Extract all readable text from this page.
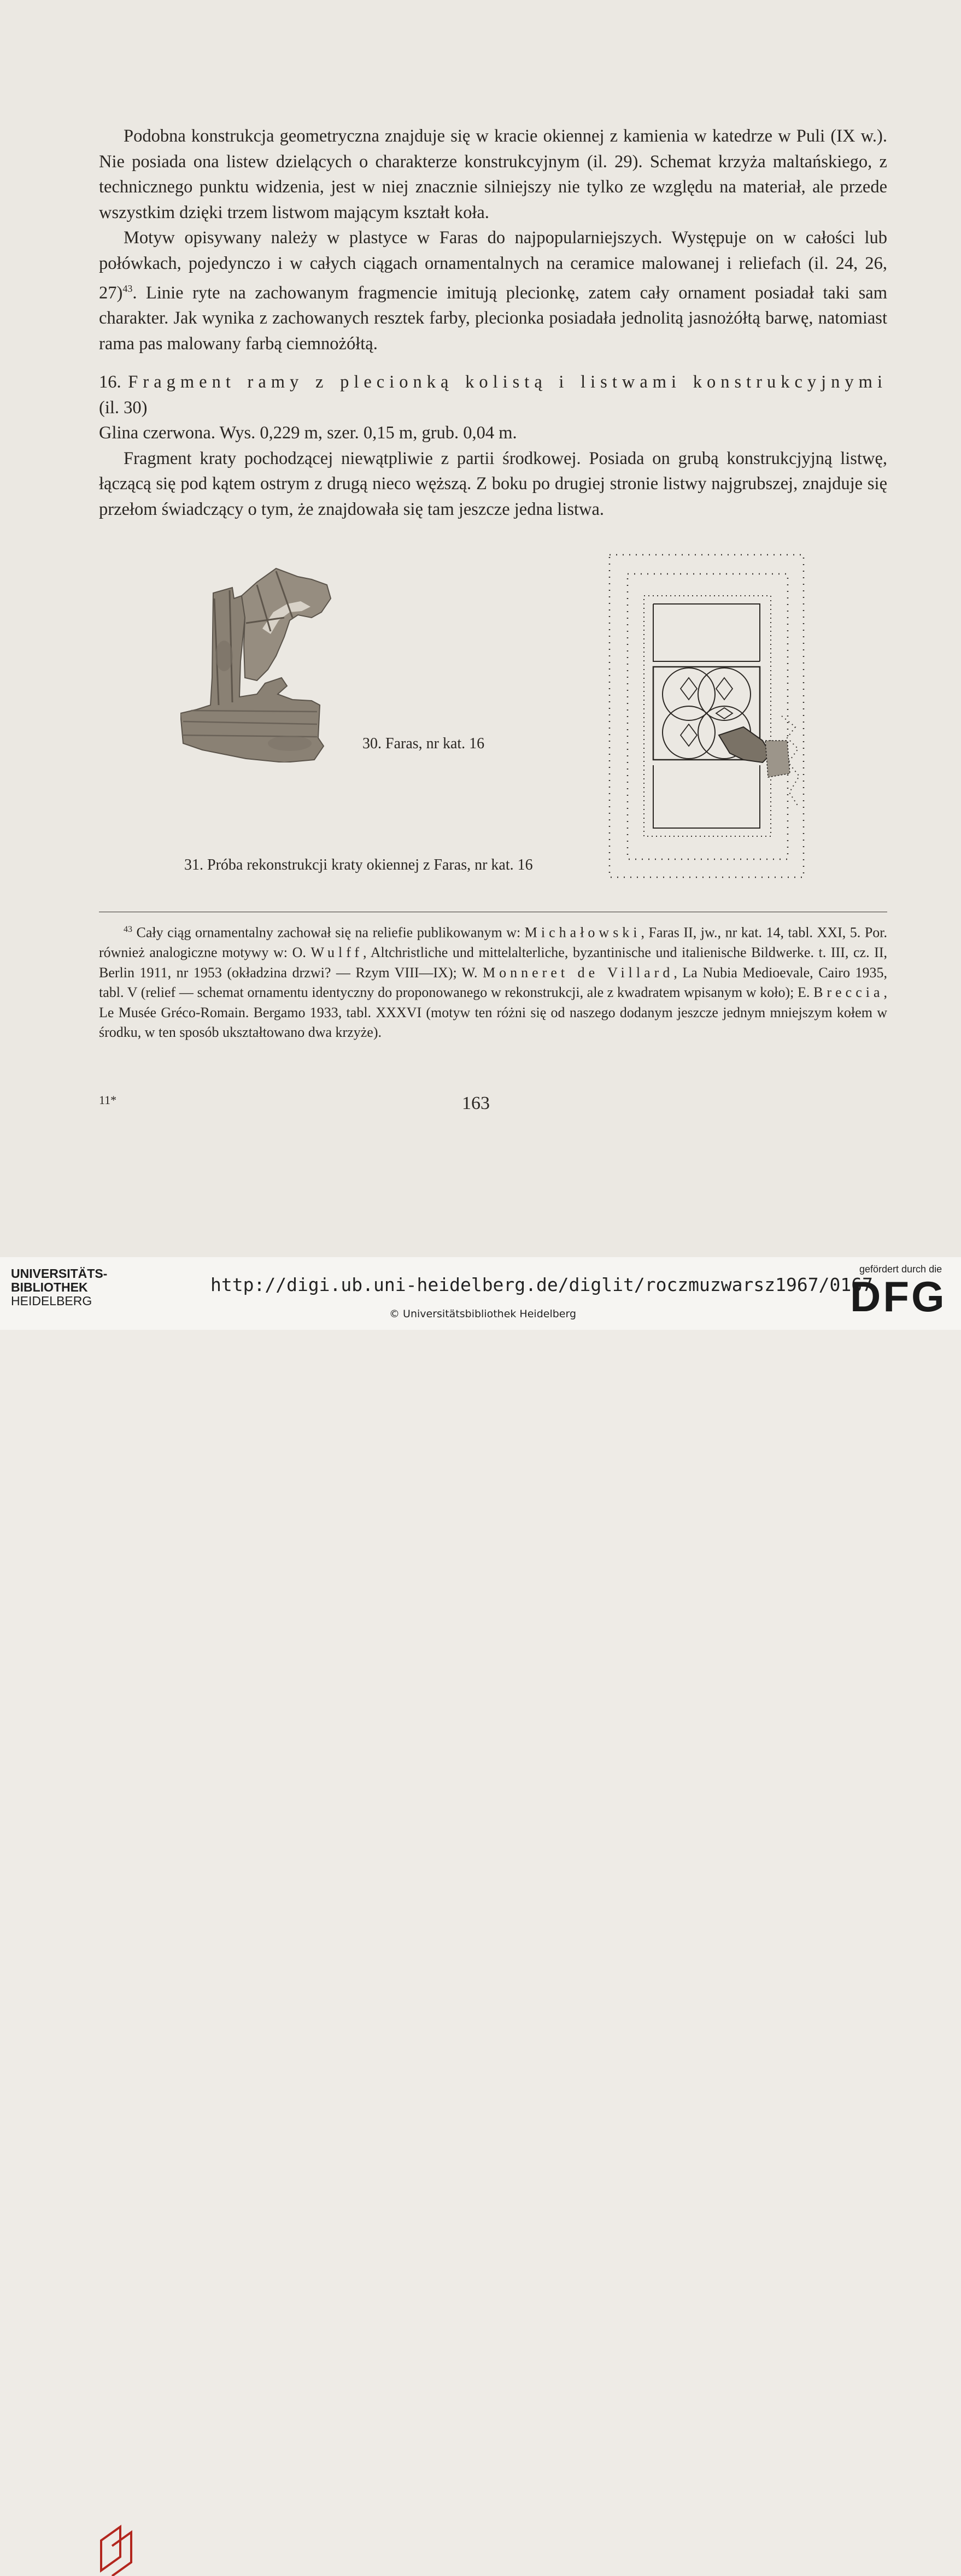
Podobna konstrukcja geometryczna znajduje się w kracie okiennej z kamienia w katedrze w Puli (IX w.). Nie posiada ona listew dzielących o charakterze konstrukcyjnym (il. 29). Schemat krzyża maltańskiego, z technicznego punktu widzenia, jest w niej znacznie silniejszy nie tylko ze względu na materiał, ale przede wszystkim dzięki trzem listwom mającym kształt koła.

Motyw opisywany należy w plastyce w Faras do najpopularniejszych. Występuje on w całości lub połówkach, pojedynczo i w całych ciągach ornamentalnych na ceramice malowanej i reliefach (il. 24, 26, 27)$^{43}$. Linie ryte na zachowanym fragmencie imitują plecionkę, zatem cały ornament posiadał taki sam charakter. Jak wynika z zachowanych resztek farby, plecionka posiadała jednolitą jasnożółtą barwę, natomiast rama pas malowany farbą ciemnożółtą.

16. Fragment ramy z plecionką kolistą i listwami konstrukcyjnymi (il. 30)

Glina czerwona. Wys. 0,229 m, szer. 0,15 m, grub. 0,04 m.

Fragment kraty pochodzącej niewątpliwie z partii środkowej. Posiada on grubą konstrukcjyjną listwę, łączącą się pod kątem ostrym z drugą nieco węższą. Z boku po drugiej stronie listwy najgrubszej, znajduje się przełom świadczący o tym, że znajdowała się tam jeszcze jedna listwa.

30. Faras, nr kat. 16
31. Próba rekonstrukcji kraty okiennej z Faras, nr kat. 16

$^{43}$ Cały ciąg ornamentalny zachował się na reliefie publikowanym w: Michałowski, Faras II, jw., nr kat. 14, tabl. XXI, 5. Por. również analogiczne motywy w: O. Wulff, Altchristliche und mittelalterliche, byzantinische und italienische Bildwerke. t. III, cz. II, Berlin 1911, nr 1953 (okładzina drzwi? — Rzym VIII—IX); W. Monneret de Villard, La Nubia Medioevale, Cairo 1935, tabl. V (relief — schemat ornamentu identyczny do proponowanego w rekonstrukcji, ale z kwadratem wpisanym w koło); E. Breccia, Le Musée Gréco-Romain. Bergamo 1933, tabl. XXXVI (motyw ten różni się od naszego dodanym jeszcze jednym mniejszym kołem w środku, w ten sposób ukształtowano dwa krzyże).

11*	163
UNIVERSITÄTS-
BIBLIOTHEK
HEIDELBERG
http://digi.ub.uni-heidelberg.de/diglit/roczmuzwarsz1967/0167
© Universitätsbibliothek Heidelberg
gefördert durch die
DFG
